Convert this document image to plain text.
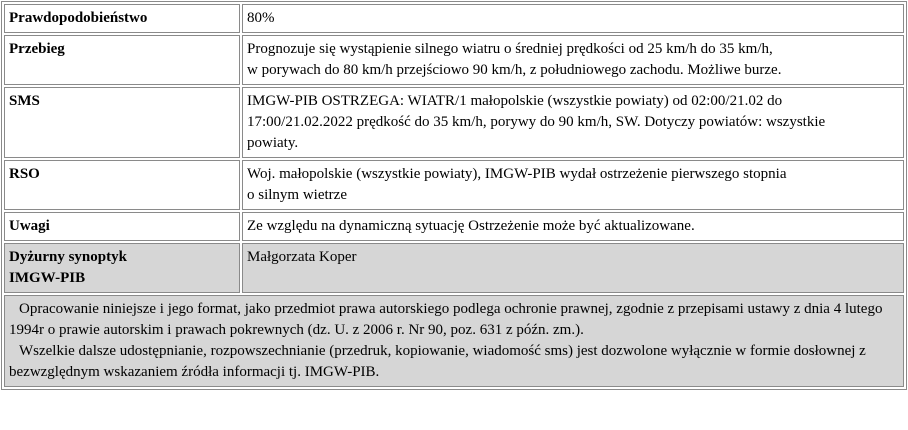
Prawdopodobieństwo	80%

Przebieg	Prognozuje się wystąpienie silnego wiatru o średniej prędkości od 25 km/h do 35 km/h,
w porywach do 80 km/h przejściowo 90 km/h, z południowego zachodu. Możliwe burze.

SMS	IMGW-PIB OSTRZEGA: WIATR/1 małopolskie (wszystkie powiaty) od 02:00/21.02 do
17:00/21.02.2022 prędkość do 35 km/h, porywy do 90 km/h, SW. Dotyczy powiatów: wszystkie
powiaty.

RSO	Woj. małopolskie (wszystkie powiaty), IMGW-PIB wydał ostrzeżenie pierwszego stopnia
o silnym wietrze

Uwagi	Ze względu na dynamiczną sytuację Ostrzeżenie może być aktualizowane.

Dyżurny synoptyk
IMGW-PIB	Małgorzata Koper

Opracowanie niniejsze i jego format, jako przedmiot prawa autorskiego podlega ochronie prawnej, zgodnie z przepisami ustawy z dnia 4 lutego 1994r o prawie autorskim i prawach pokrewnych (dz. U. z 2006 r. Nr 90, poz. 631 z późn. zm.).

Wszelkie dalsze udostępnianie, rozpowszechnianie (przedruk, kopiowanie, wiadomość sms) jest dozwolone wyłącznie w formie dosłownej z bezwzględnym wskazaniem źródła informacji tj. IMGW-PIB.	
